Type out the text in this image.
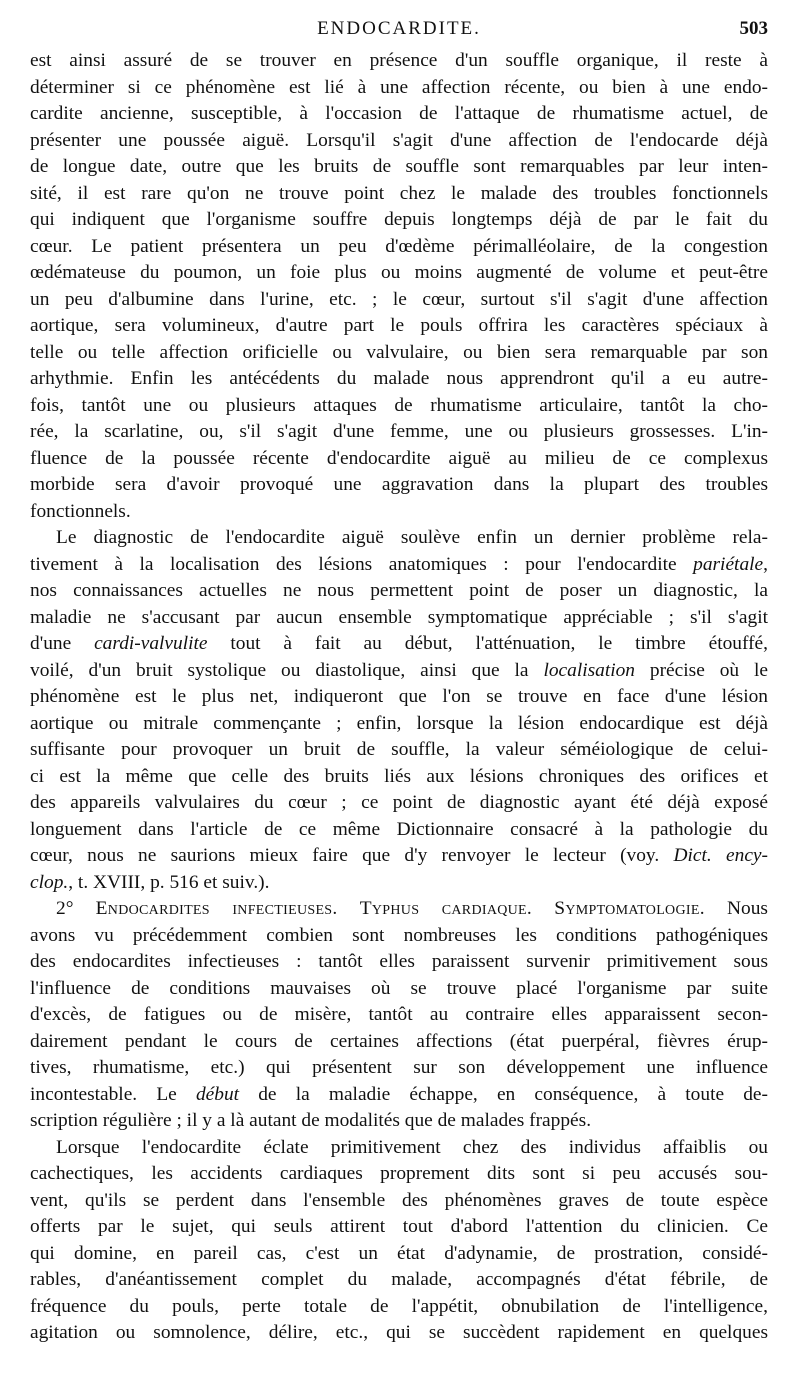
ENDOCARDITE.	503

est ainsi assuré de se trouver en présence d'un souffle organique, il reste à

déterminer si ce phénomène est lié à une affection récente, ou bien à une endo-

cardite ancienne, susceptible, à l'occasion de l'attaque de rhumatisme actuel, de

présenter une poussée aiguë. Lorsqu'il s'agit d'une affection de l'endocarde déjà

de longue date, outre que les bruits de souffle sont remarquables par leur inten-

sité, il est rare qu'on ne trouve point chez le malade des troubles fonctionnels

qui indiquent que l'organisme souffre depuis longtemps déjà de par le fait du

cœur. Le patient présentera un peu d'œdème périmalléolaire, de la congestion

œdémateuse du poumon, un foie plus ou moins augmenté de volume et peut-être

un peu d'albumine dans l'urine, etc. ; le cœur, surtout s'il s'agit d'une affection

aortique, sera volumineux, d'autre part le pouls offrira les caractères spéciaux à

telle ou telle affection orificielle ou valvulaire, ou bien sera remarquable par son

arhythmie. Enfin les antécédents du malade nous apprendront qu'il a eu autre-

fois, tantôt une ou plusieurs attaques de rhumatisme articulaire, tantôt la cho-

rée, la scarlatine, ou, s'il s'agit d'une femme, une ou plusieurs grossesses. L'in-

fluence de la poussée récente d'endocardite aiguë au milieu de ce complexus

morbide sera d'avoir provoqué une aggravation dans la plupart des troubles

fonctionnels.

Le diagnostic de l'endocardite aiguë soulève enfin un dernier problème rela-

tivement à la localisation des lésions anatomiques : pour l'endocardite pariétale,

nos connaissances actuelles ne nous permettent point de poser un diagnostic, la

maladie ne s'accusant par aucun ensemble symptomatique appréciable ; s'il s'agit

d'une cardi-valvulite tout à fait au début, l'atténuation, le timbre étouffé,

voilé, d'un bruit systolique ou diastolique, ainsi que la localisation précise où le

phénomène est le plus net, indiqueront que l'on se trouve en face d'une lésion

aortique ou mitrale commençante ; enfin, lorsque la lésion endocardique est déjà

suffisante pour provoquer un bruit de souffle, la valeur séméiologique de celui-

ci est la même que celle des bruits liés aux lésions chroniques des orifices et

des appareils valvulaires du cœur ; ce point de diagnostic ayant été déjà exposé

longuement dans l'article de ce même Dictionnaire consacré à la pathologie du

cœur, nous ne saurions mieux faire que d'y renvoyer le lecteur (voy. Dict. ency-

clop., t. XVIII, p. 516 et suiv.).

2° Endocardites infectieuses. Typhus cardiaque. Symptomatologie. Nous

avons vu précédemment combien sont nombreuses les conditions pathogéniques

des endocardites infectieuses : tantôt elles paraissent survenir primitivement sous

l'influence de conditions mauvaises où se trouve placé l'organisme par suite

d'excès, de fatigues ou de misère, tantôt au contraire elles apparaissent secon-

dairement pendant le cours de certaines affections (état puerpéral, fièvres érup-

tives, rhumatisme, etc.) qui présentent sur son développement une influence

incontestable. Le début de la maladie échappe, en conséquence, à toute de-

scription régulière ; il y a là autant de modalités que de malades frappés.

Lorsque l'endocardite éclate primitivement chez des individus affaiblis ou

cachectiques, les accidents cardiaques proprement dits sont si peu accusés sou-

vent, qu'ils se perdent dans l'ensemble des phénomènes graves de toute espèce

offerts par le sujet, qui seuls attirent tout d'abord l'attention du clinicien. Ce

qui domine, en pareil cas, c'est un état d'adynamie, de prostration, considé-

rables, d'anéantissement complet du malade, accompagnés d'état fébrile, de

fréquence du pouls, perte totale de l'appétit, obnubilation de l'intelligence,

agitation ou somnolence, délire, etc., qui se succèdent rapidement en quelques
